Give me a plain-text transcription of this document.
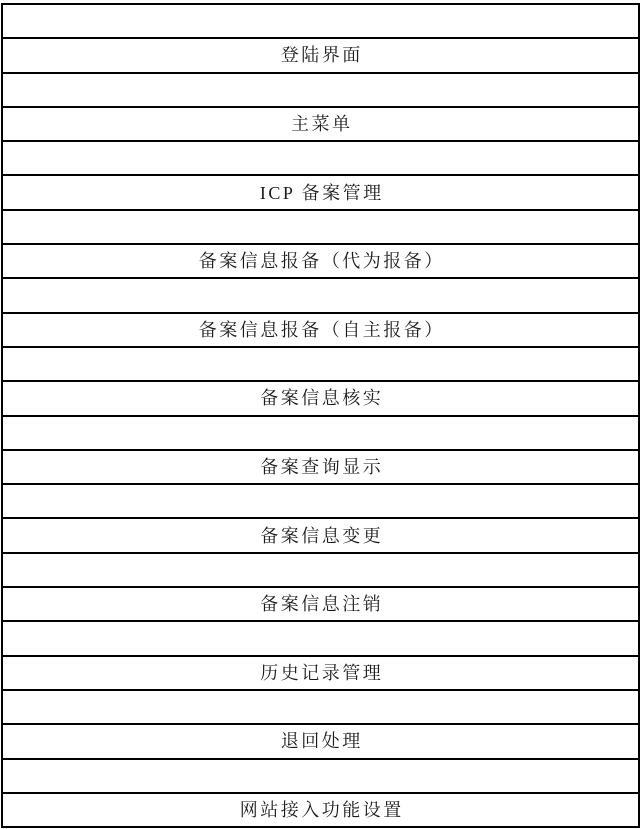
登陆界面
主菜单
ICP 备案管理
备案信息报备（代为报备）
备案信息报备（自主报备）
备案信息核实
备案查询显示
备案信息变更
备案信息注销
历史记录管理
退回处理
网站接入功能设置
